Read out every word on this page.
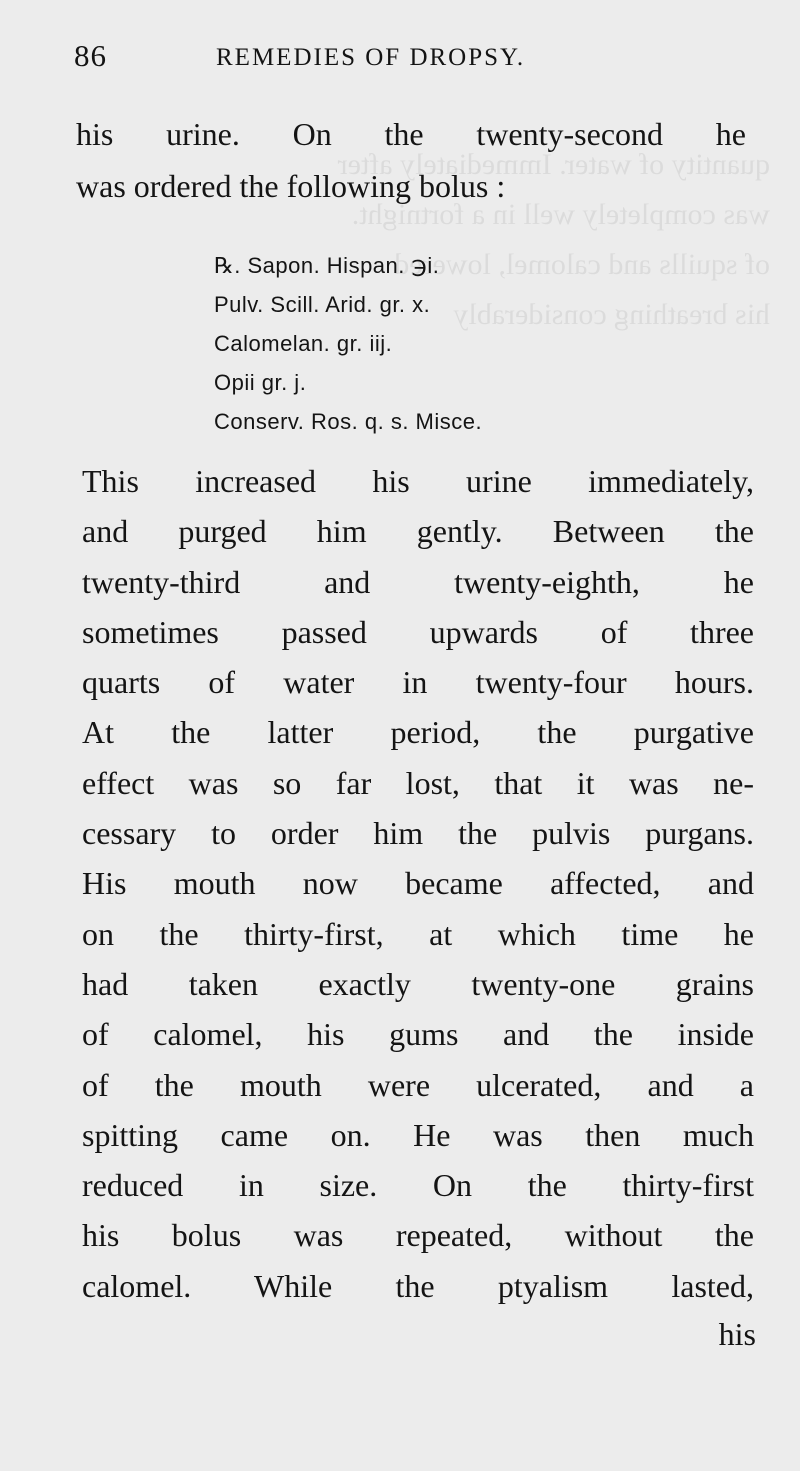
quantity of water. Immediately after
was completely well in a fortnight.
of squills and calomel, lowered
his breathing considerably
86	REMEDIES OF DROPSY.
his urine. On the twenty-second he
was ordered the following bolus :
℞. Sapon. Hispan. ℈i.
Pulv. Scill. Arid. gr. x.
Calomelan. gr. iij.
Opii gr. j.
Conserv. Ros. q. s. Misce.
This increased his urine immediately,
and purged him gently. Between the
twenty-third and twenty-eighth, he
sometimes passed upwards of three
quarts of water in twenty-four hours.
At the latter period, the purgative
effect was so far lost, that it was ne-
cessary to order him the pulvis purgans.
His mouth now became affected, and
on the thirty-first, at which time he
had taken exactly twenty-one grains
of calomel, his gums and the inside
of the mouth were ulcerated, and a
spitting came on. He was then much
reduced in size. On the thirty-first
his bolus was repeated, without the
calomel. While the ptyalism lasted,
his
